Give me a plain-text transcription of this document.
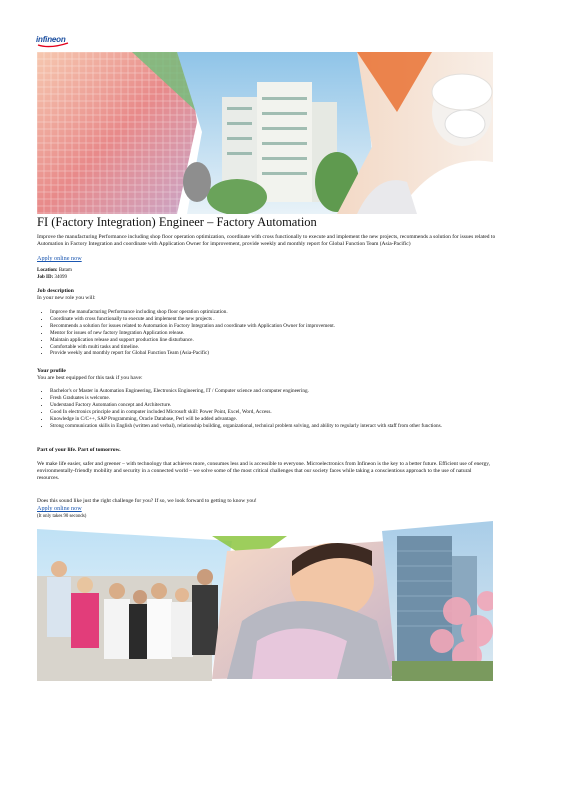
infineon
FI (Factory Integration) Engineer – Factory Automation

Improve the manufacturing Performance including shop floor operation optimization, coordinate with cross functionally to execute and implement the new projects, recommends a solution for issues related to Automation in Factory Integration and coordinate with Application Owner for improvement, provide weekly and monthly report for Global Function Team (Asia-Pacific)

Apply online now
Location: Batam
Job ID: 34099

Job description

In your new role you will:

• Improve the manufacturing Performance including shop floor operation optimization.
• Coordinate with cross functionally to execute and implement the new projects .
• Recommends a solution for issues related to Automation in Factory Integration and coordinate with Application Owner for improvement.
• Mentor for issues of new factory Integration Application release.
• Maintain application release and support production line disturbance.
• Comfortable with multi tasks and timeline.
• Provide weekly and monthly report for Global Function Team (Asia-Pacific)

Your profile

You are best equipped for this task if you have:

• Bachelor's or Master in Automation Engineering, Electronics Engineering, IT / Computer science and computer engineering.
• Fresh Graduates is welcome.
• Understand Factory Automation concept and Architecture.
• Good In electronics principle and in computer included Microsoft skill: Power Point, Excel, Word, Access.
• Knowledge in C/C++, SAP Programming, Oracle Database, Perl will be added advantage.
• Strong communication skills in English (written and verbal), relationship building, organizational, technical problem solving, and ability to regularly interact with staff from other functions.

Part of your life. Part of tomorrow.

We make life easier, safer and greener – with technology that achieves more, consumes less and is accessible to everyone. Microelectronics from Infineon is the key to a better future. Efficient use of energy, environmentally-friendly mobility and security in a connected world – we solve some of the most critical challenges that our society faces while taking a conscientious approach to the use of natural resources.

Does this sound like just the right challenge for you? If so, we look forward to getting to know you!

Apply online now

(It only takes 90 seconds)
